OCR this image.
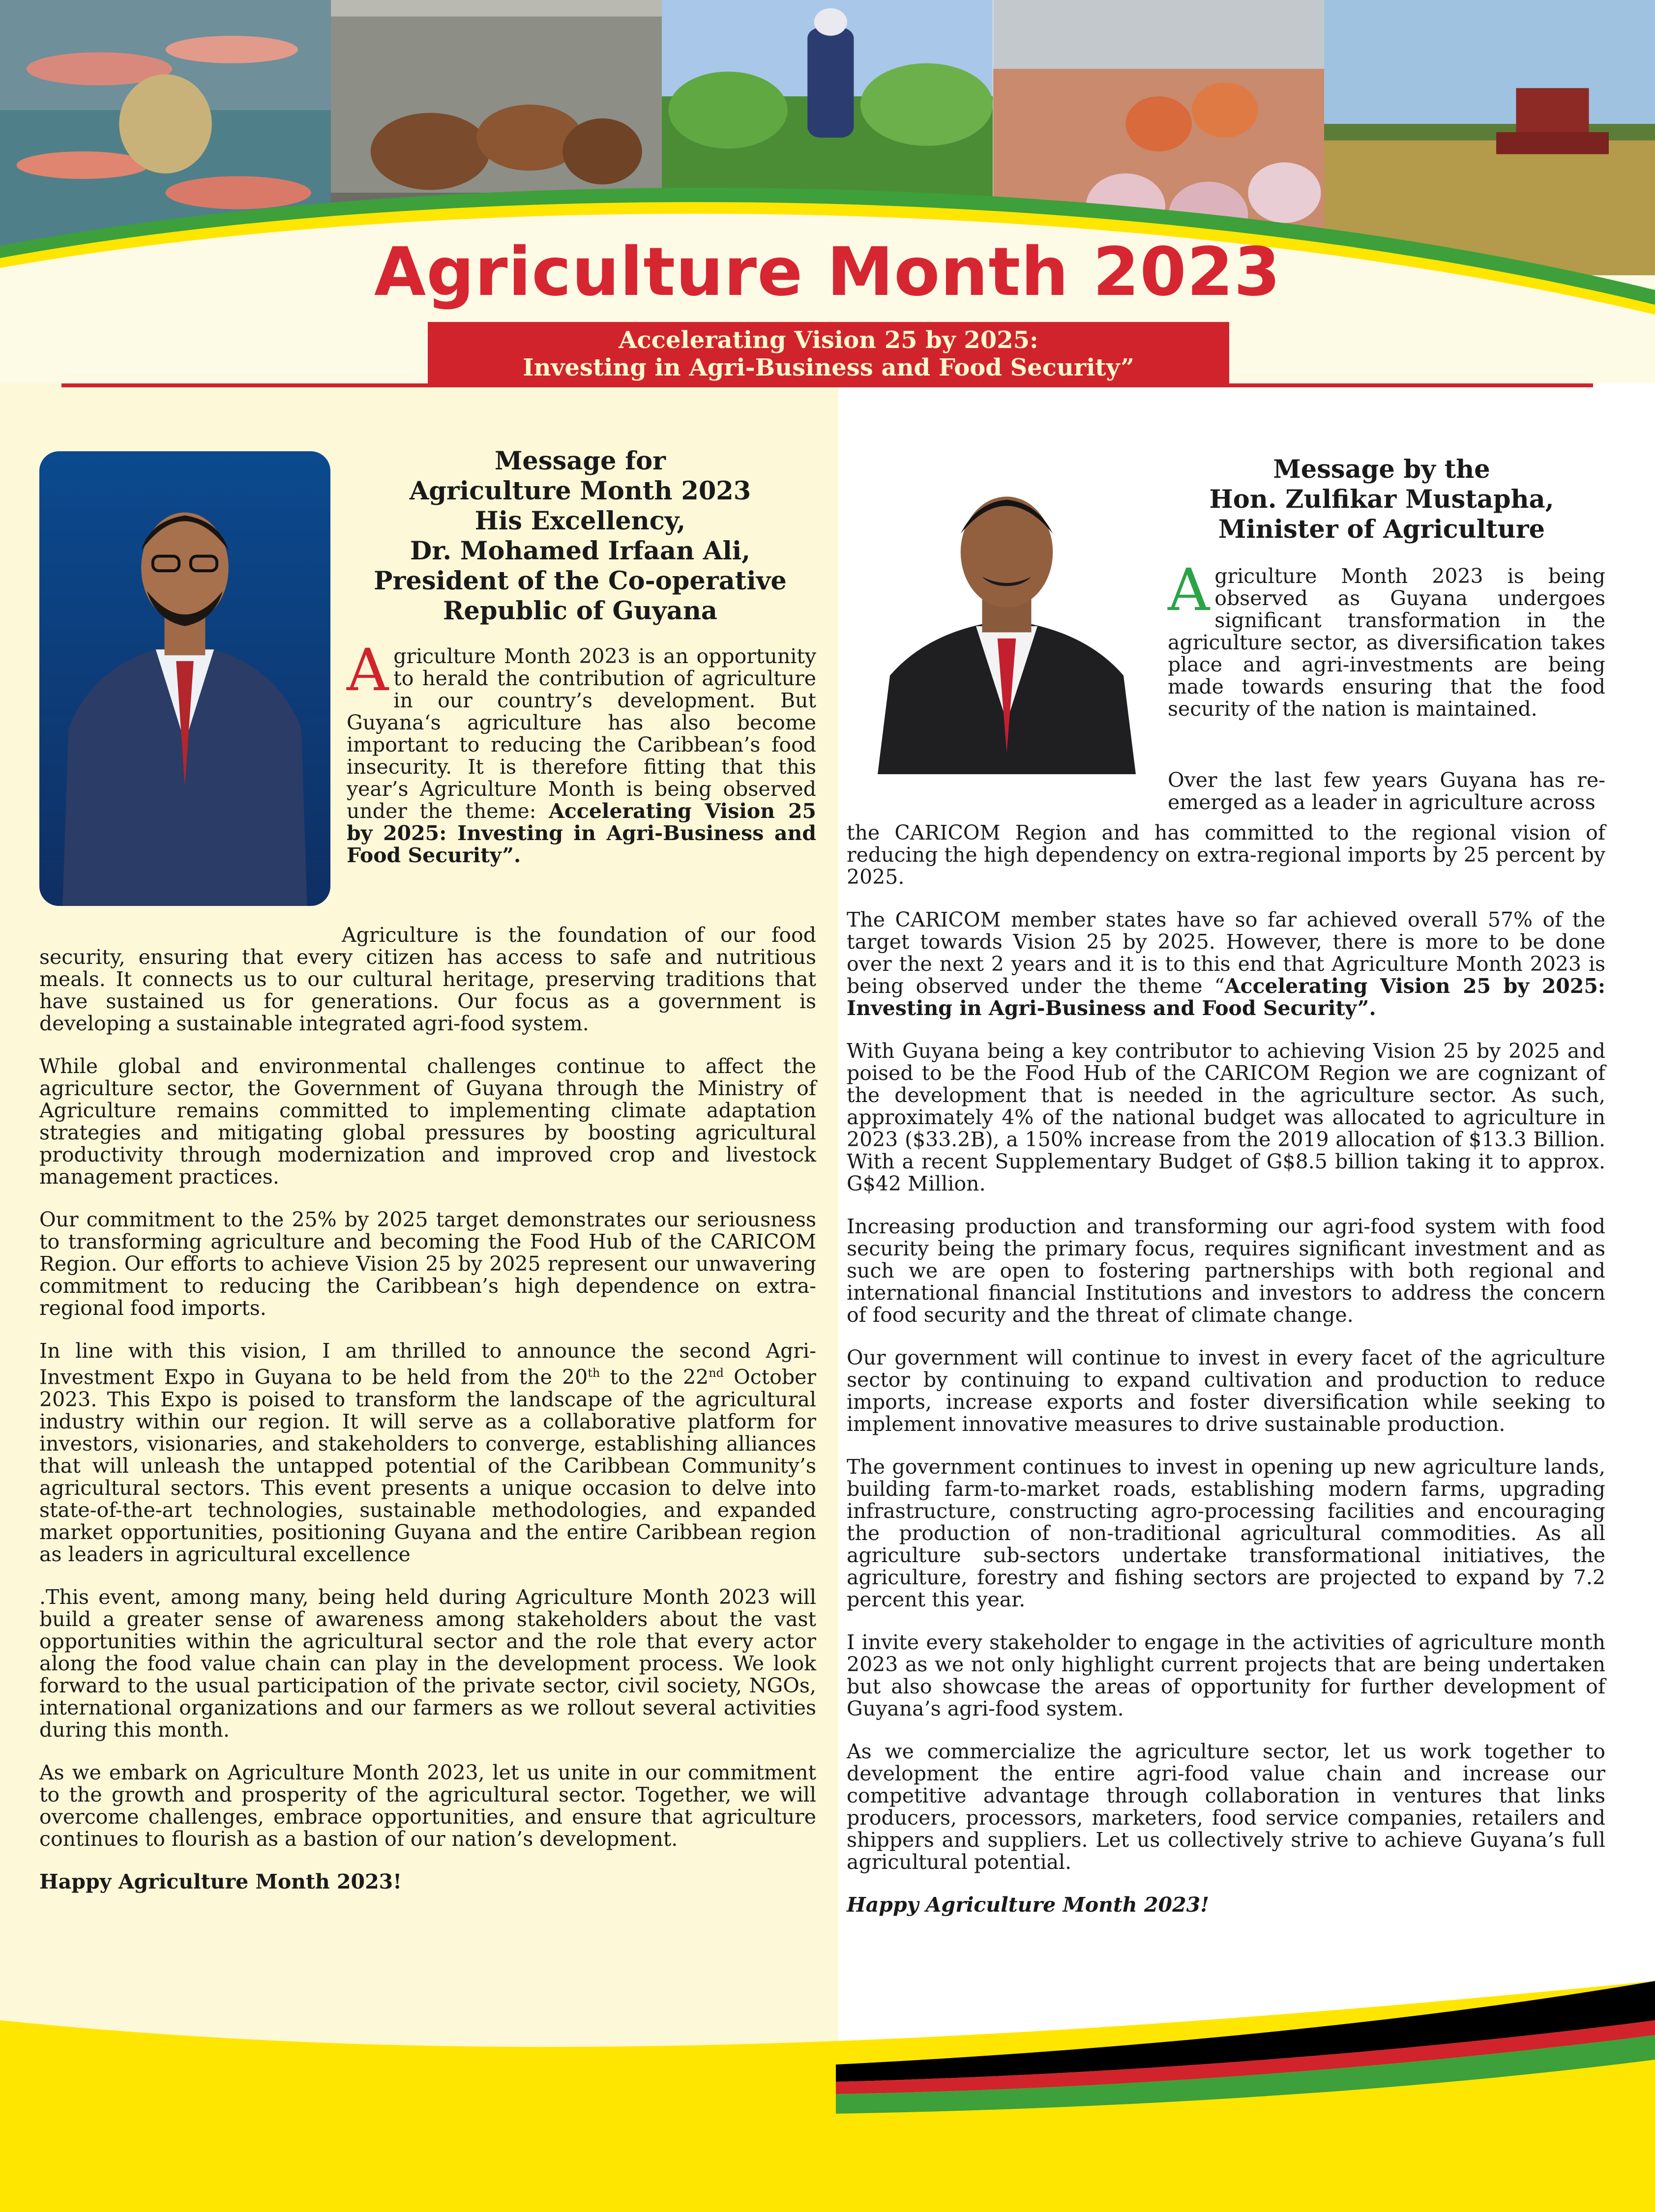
Agriculture Month 2023
Accelerating Vision 25 by 2025:
Investing in Agri-Business and Food Security”
Message for
Agriculture Month 2023
His Excellency,
Dr. Mohamed Irfaan Ali,
President of the Co-operative
Republic of Guyana

Agriculture Month 2023 is an opportunity to herald the contribution of agriculture in our country’s development. But Guyana‘s agriculture has also become important to reducing the Caribbean’s food insecurity. It is therefore fitting that this year’s Agriculture Month is being observed under the theme: Accelerating Vision 25 by 2025: Investing in Agri-Business and Food Security”.

Agriculture is the foundation of our food security, ensuring that every citizen has access to safe and nutritious meals. It connects us to our cultural heritage, preserving traditions that have sustained us for generations. Our focus as a government is developing a sustainable integrated agri-food system.

While global and environmental challenges continue to affect the agriculture sector, the Government of Guyana through the Ministry of Agriculture remains committed to implementing climate adaptation strategies and mitigating global pressures by boosting agricultural productivity through modernization and improved crop and livestock management practices.

Our commitment to the 25% by 2025 target demonstrates our seriousness to transforming agriculture and becoming the Food Hub of the CARICOM Region. Our efforts to achieve Vision 25 by 2025 represent our unwavering commitment to reducing the Caribbean’s high dependence on extra-regional food imports.

In line with this vision, I am thrilled to announce the second Agri-Investment Expo in Guyana to be held from the 20th to the 22nd October 2023. This Expo is poised to transform the landscape of the agricultural industry within our region. It will serve as a collaborative platform for investors, visionaries, and stakeholders to converge, establishing alliances that will unleash the untapped potential of the Caribbean Community’s agricultural sectors. This event presents a unique occasion to delve into state-of-the-art technologies, sustainable methodologies, and expanded market opportunities, positioning Guyana and the entire Caribbean region as leaders in agricultural excellence

.This event, among many, being held during Agriculture Month 2023 will build a greater sense of awareness among stakeholders about the vast opportunities within the agricultural sector and the role that every actor along the food value chain can play in the development process. We look forward to the usual participation of the private sector, civil society, NGOs, international organizations and our farmers as we rollout several activities during this month.

As we embark on Agriculture Month 2023, let us unite in our commitment to the growth and prosperity of the agricultural sector. Together, we will overcome challenges, embrace opportunities, and ensure that agriculture continues to flourish as a bastion of our nation’s development.

Happy Agriculture Month 2023!

Message by the
Hon. Zulfikar Mustapha,
Minister of Agriculture

Agriculture Month 2023 is being observed as Guyana undergoes significant transformation in the agriculture sector, as diversification takes place and agri-investments are being made towards ensuring that the food security of the nation is maintained.

Over the last few years Guyana has re-emerged as a leader in agriculture across

the CARICOM Region and has committed to the regional vision of reducing the high dependency on extra-regional imports by 25 percent by 2025.

The CARICOM member states have so far achieved overall 57% of the target towards Vision 25 by 2025. However, there is more to be done over the next 2 years and it is to this end that Agriculture Month 2023 is being observed under the theme “Accelerating Vision 25 by 2025: Investing in Agri-Business and Food Security”.

With Guyana being a key contributor to achieving Vision 25 by 2025 and poised to be the Food Hub of the CARICOM Region we are cognizant of the development that is needed in the agriculture sector. As such, approximately 4% of the national budget was allocated to agriculture in 2023 ($33.2B), a 150% increase from the 2019 allocation of $13.3 Billion. With a recent Supplementary Budget of G$8.5 billion taking it to approx. G$42 Million.

Increasing production and transforming our agri-food system with food security being the primary focus, requires significant investment and as such we are open to fostering partnerships with both regional and international financial Institutions and investors to address the concern of food security and the threat of climate change.

Our government will continue to invest in every facet of the agriculture sector by continuing to expand cultivation and production to reduce imports, increase exports and foster diversification while seeking to implement innovative measures to drive sustainable production.

The government continues to invest in opening up new agriculture lands, building farm-to-market roads, establishing modern farms, upgrading infrastructure, constructing agro-processing facilities and encouraging the production of non-traditional agricultural commodities. As all agriculture sub-sectors undertake transformational initiatives, the agriculture, forestry and fishing sectors are projected to expand by 7.2 percent this year.

I invite every stakeholder to engage in the activities of agriculture month 2023 as we not only highlight current projects that are being undertaken but also showcase the areas of opportunity for further development of Guyana’s agri-food system.

As we commercialize the agriculture sector, let us work together to development the entire agri-food value chain and increase our competitive advantage through collaboration in ventures that links producers, processors, marketers, food service companies, retailers and shippers and suppliers. Let us collectively strive to achieve Guyana’s full agricultural potential.

Happy Agriculture Month 2023!
